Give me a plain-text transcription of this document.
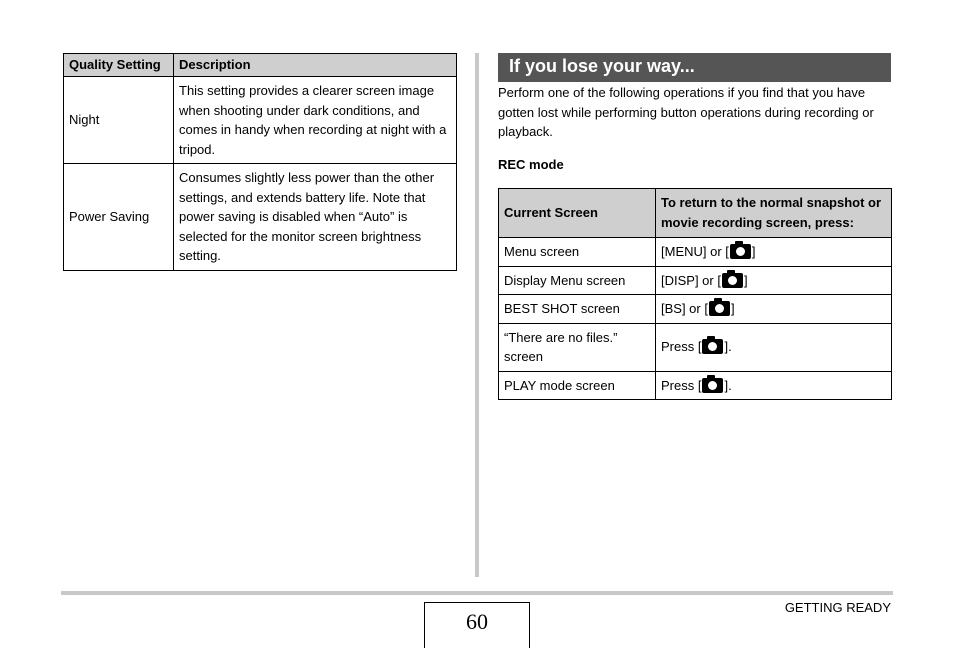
Quality Setting	Description
Night	This setting provides a clearer screen image when shooting under dark conditions, and comes in handy when recording at night with a tripod.
Power Saving	Consumes slightly less power than the other settings, and extends battery life. Note that power saving is disabled when “Auto” is selected for the monitor screen brightness setting.
If you lose your way...
Perform one of the following operations if you find that you have gotten lost while performing button operations during recording or playback.
REC mode
Current Screen	To return to the normal snapshot or movie recording screen, press:
Menu screen	[MENU] or [ ]
Display Menu screen	[DISP] or [ ]
BEST SHOT screen	[BS] or [ ]
“There are no files.” screen	Press [ ].
PLAY mode screen	Press [ ].
60
GETTING READY
